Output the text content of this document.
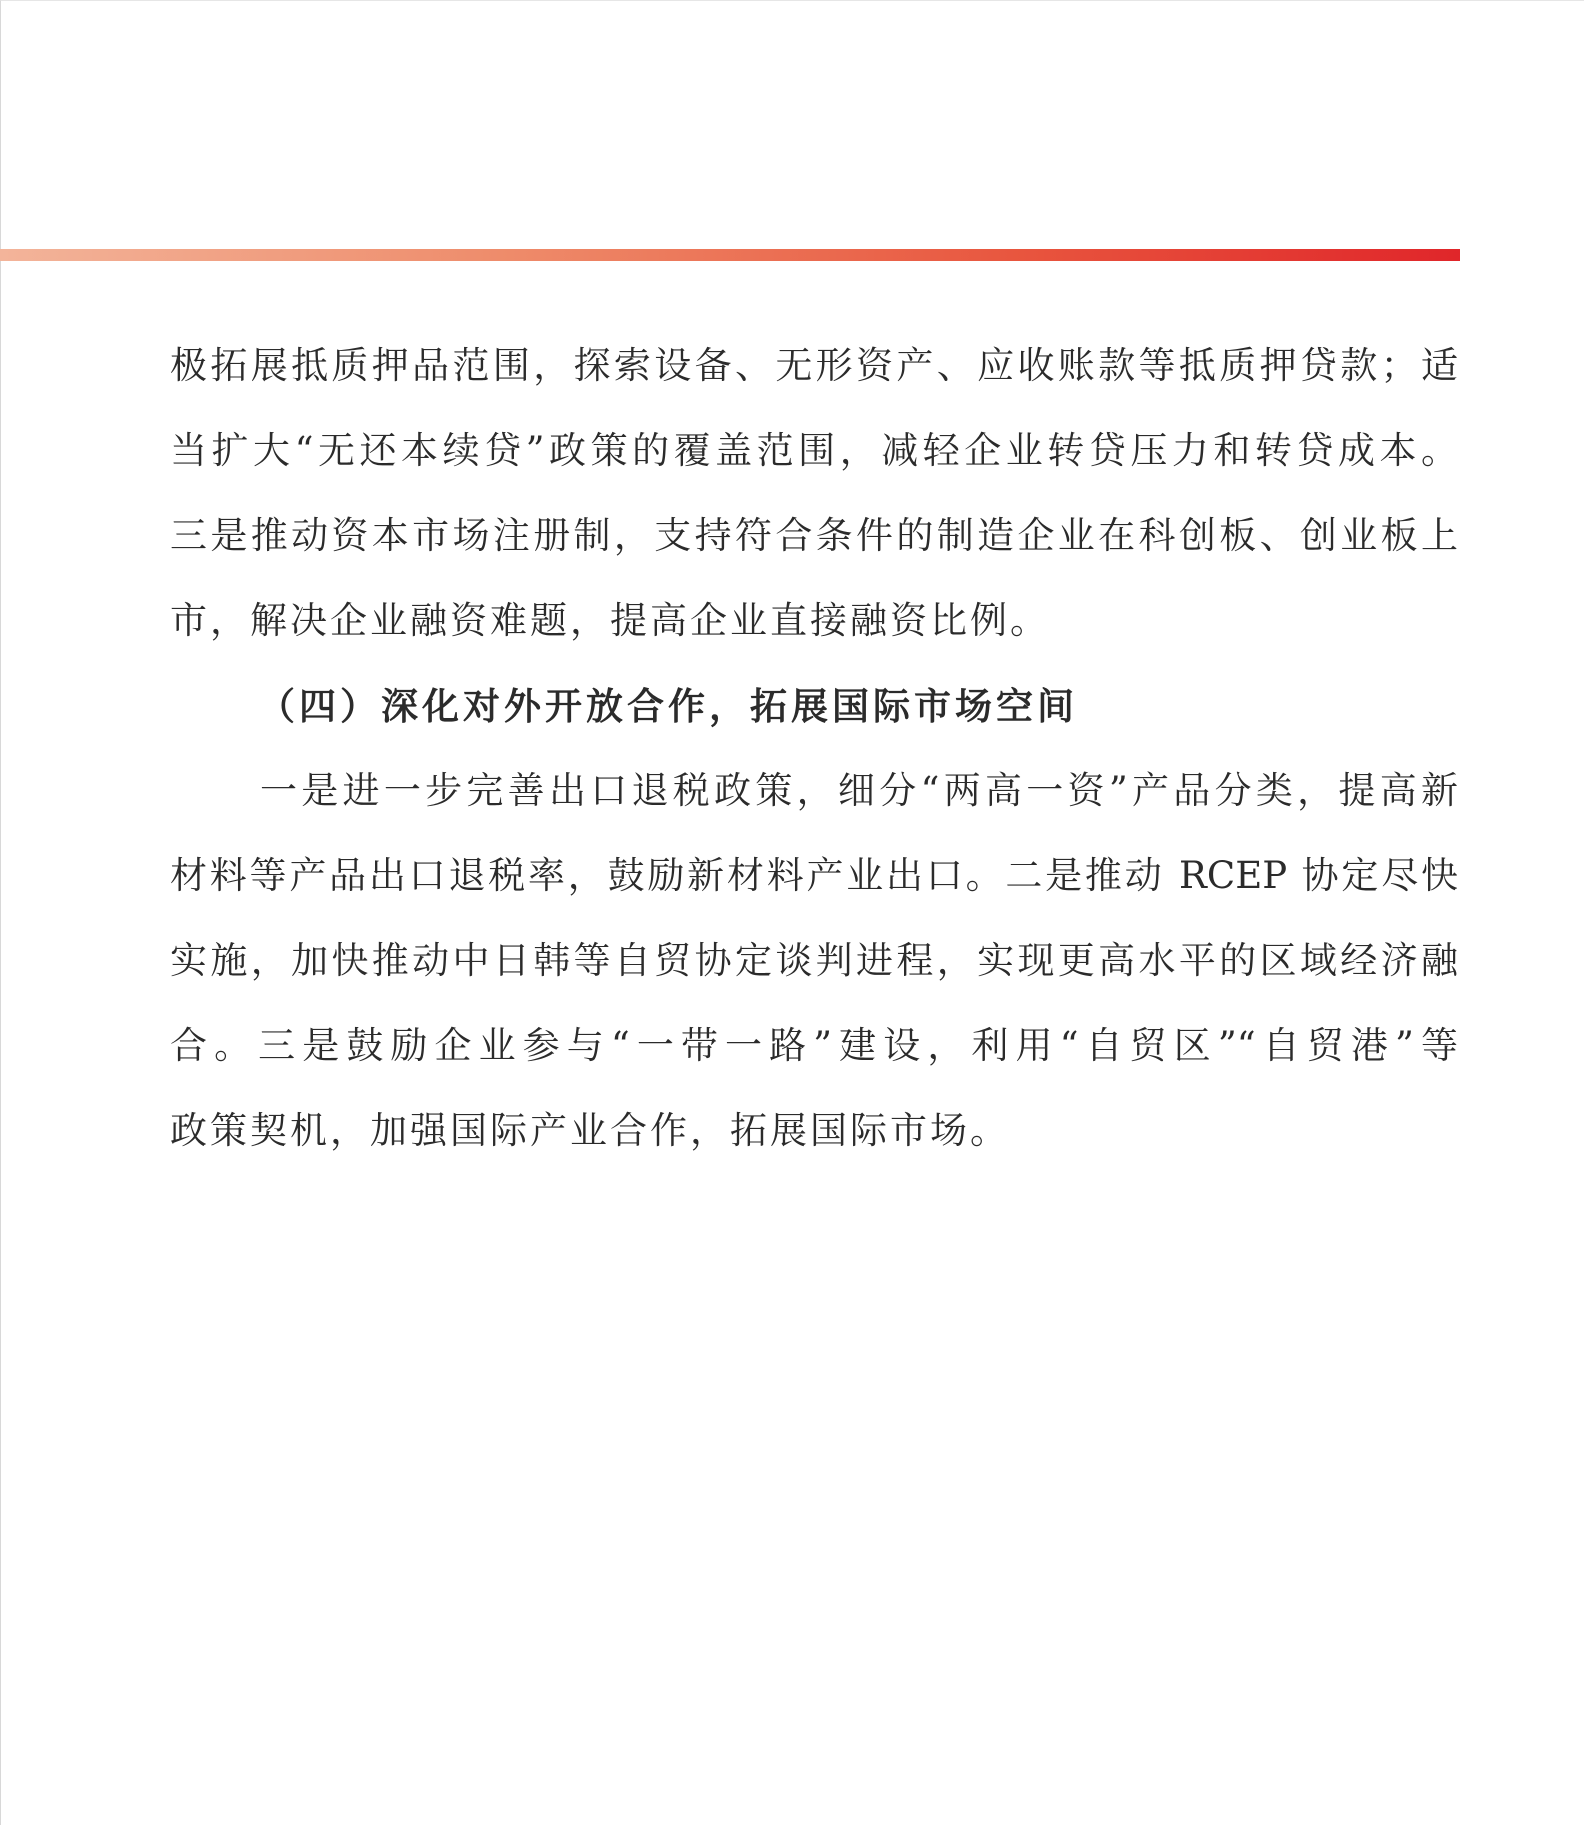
极拓展抵质押品范围，探索设备、无形资产、应收账款等抵质押贷款；适
当扩大“无还本续贷”政策的覆盖范围，减轻企业转贷压力和转贷成本。
三是推动资本市场注册制，支持符合条件的制造企业在科创板、创业板上
市，解决企业融资难题，提高企业直接融资比例。
（四）深化对外开放合作，拓展国际市场空间
一是进一步完善出口退税政策，细分“两高一资”产品分类，提高新
材料等产品出口退税率，鼓励新材料产业出口。二是推动 RCEP 协定尽快
实施，加快推动中日韩等自贸协定谈判进程，实现更高水平的区域经济融
合。三是鼓励企业参与“一带一路”建设，利用“自贸区”“自贸港”等
政策契机，加强国际产业合作，拓展国际市场。
